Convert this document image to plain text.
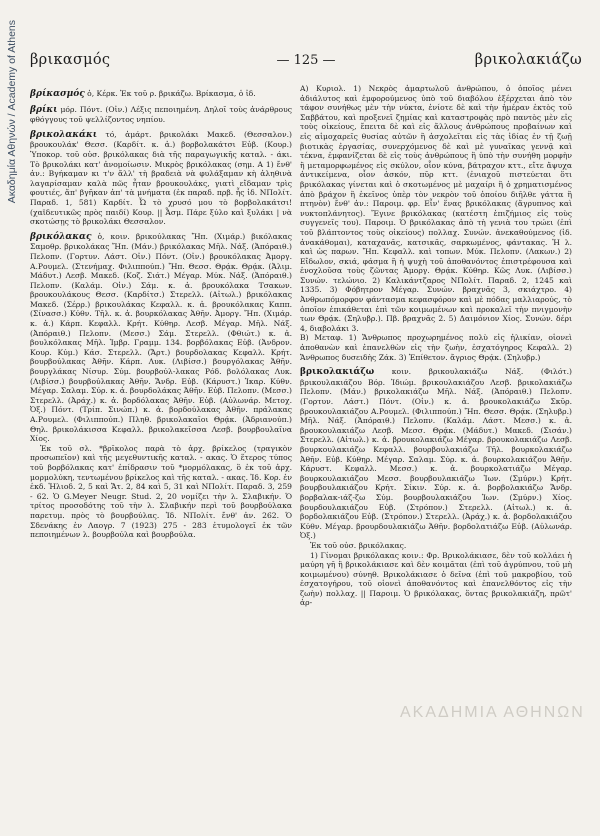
Ακαδημία Αθηνών / Academy of Athens βρικασμός	— 125 —	βρικολακιάζω

βρίκασμός ὁ, Κέρκ. Ἐκ τοῦ ρ. βρικάζω. Βρίκασμα, ὁ ἰδ.

βρίκι μόρ. Πόντ. (Oἰν.) Λέξις πεποιημένη. Δηλοῖ τοὺς ἀνάρθρους φθόγγους τοῦ ψελλίζοντος νηπίου.

βρικολακάκι τό, ἀμάρτ. βρικολάκι Μακεδ. (Θεσσαλον.) βρουκουλάκ' Θεσσ. (Καρδίτ. κ. ἀ.) βορβολακάτσι Εὐβ. (Κουρ.) Ὑποκορ. τοῦ οὐσ. βρικόλακας διὰ τῆς παραγωγικῆς καταλ. - άκι. Τὸ βρικολάκι κατ' ἀνομοίωσιν. Μικρὸς βρικόλακας (σημ. A 1) ἔνθ' ἀν.: Βγήκαμαν κι τ'ν ἄλλ' τὴ βραδειὰ νὰ φυλάξαμαν κὴ ἀληθινὰ λαγαρίσαμαν καλὰ πῶς ἦταν βρουκουλάκς, γιατὶ εἴδαμαν τρὶς φουτιές, ἄπ' βγῆκαν ἀπ' τὰ μνήματα (ἐκ παραδ. πρβ. ἧς ἰδ. ΝΠολίτ. Παραδ. 1, 581) Καρδίτ. Ὦ τὸ χρυσό μου τὸ βορβολακάτσι! (χαϊδευτικῶς πρὸς παιδί) Κουρ. || Ἆσμ. Πάρε ξύλο καὶ ξυλάκι | νὰ σκοτώσῃς τὸ βρικολάκι Θεσσαλον.

βρικόλακας ὁ, κοιν. βρικούλακας Ἤπ. (Χιμάρ.) βικόλακας Σαμοθρ. βρικολάκας Ἤπ. (Μάν.) βρικόλακας Μῆλ. Νάξ. (Ἀπόραιθ.) Πελοπν. (Γορτυν. Λάστ. Οἰν.) Πόντ. (Oἰν.) βρουκόλακας Ἀμοργ. Α.Ρουμελ. (Στενήμαχ. Φιλιππούπ.) Ἤπ. Θεσσ. Θρᾴκ. Θρᾴκ. (Ἀλιμ. Μάδυτ.) Λεσβ. Μακεδ. (Κοζ. Σιάτ.) Μέγαρ. Μύκ. Νάξ. (Ἀπόραιθ.) Πελοπν. (Καλάμ. Οἰν.) Σάμ. κ. ἀ. βρουκόλακα Τσακων. βρουκουλάκους Θεσσ. (Καρδίτσ.) Στερελλ. (Αἰτωλ.) βρικόλακας Μακεδ. (Σέρρ.) βρικουλάκας Κεφαλλ. κ. ἀ. βρουκόλακας Καππ. (Σίνασσ.) Κύθν. Τῆλ. κ. ἀ. βουρκόλακας Ἀθῆν. Ἀμοργ. Ἤπ. (Χιμάρ. κ. ἀ.) Κάρπ. Κεφαλλ. Κρήτ. Κύθηρ. Λεσβ. Μέγαρ. Μῆλ. Νάξ. (Ἀπόραιθ.) Πελοπν. (Μεσσ.) Σάμ. Στερελλ. (Φθιώτ.) κ. ἀ. βουλκόλακας Μῆλ. Ἰμβρ. Γραμμ. 134. βορβόλακας Εὐβ. (Ἀνδρον. Κουρ. Κύμ.) Κάσ. Στερελλ. (Ἄρτ.) βουρδολακας Κεφαλλ. Κρήτ. βουρβούλακας Ἀθῆν. Κάρπ. Λυκ. (Λιβίσσ.) βουργόλακας Ἀθῆν. βουργλάκας Νίσυρ. Σύμ. βουρβούλ-λακας Ρόδ. βολόλακας Λυκ. (Λιβίσσ.) βουρβούλακας Ἀθῆν. Ἄνδρ. Εὐβ. (Κάρυστ.) Ἰκαρ. Κύθν. Μέγαρ. Σαλαμ. Σύρ. κ. ἀ. βουρδολάκας Ἀθῆν. Εὐβ. Πελοπν. (Μεσσ.) Στερελλ. (Ἀράχ.) κ. ἀ. βορδόλακας Ἀθῆν. Εὐβ. (Αὐλωνάρ. Μετοχ. Ὀξ.) Πόντ. (Τρίπ. Σινώπ.) κ. ἀ. βορδούλακας Ἀθῆν. πράλακας Α.Ρουμελ. (Φιλιππούπ.) Πληθ. βρικολακαῖοι Θρᾴκ. (Ἀδριανούπ.) Θηλ. βρικολάκισσα Κεφαλλ. βρικολακεῖσσα Λεσβ. βουρβουλαῖνα Χίος.

Ἐκ τοῦ σλ. *βρῖκολος παρὰ τὸ ἀρχ. βρίκελος (τραγικὸν προσωπεῖον) καὶ τῆς μεγεθυντικῆς καταλ. - ακας. Ὁ ἕτερος τύπος τοῦ βορβόλακας κατ' ἐπίδρασιν τοῦ *μορμόλακας, ὃ ἐκ τοῦ ἀρχ. μορμολύκη, τεντωμένου βρίκελος καὶ τῆς καταλ. - ακας. Ἰδ. Κορ. ἐν ἐκδ. Ἡλιοδ. 2, 5 καὶ Ἄτ. 2, 84 καὶ 5, 31 καὶ ΝΠολίτ. Παραδ. 3, 259 - 62. Ὁ G.Meyer Neugr. Stud. 2, 20 νομίζει τὴν λ. Σλαβικήν. Ὁ τρίτος προσοδότης τοῦ τὴν λ. Σλαβικήν περὶ τοῦ βουρβούλακα παρετυμ. πρὸς τὸ βουρβούλας. Ἰδ. ΝΠολίτ. ἔνθ' ἀν. 262. Ὁ Σδενάκης ἐν Λαογρ. 7 (1923) 275 - 283 ἐτυμολογεῖ ἐκ τῶν πεποιημένων λ. βουρβούλα καὶ βουρβούλα.

Α) Κυριολ. 1) Νεκρὸς ἀμαρτωλοῦ ἀνθρώπου, ὁ ὁποῖος μένει ἀδιάλυτος καὶ ἐμφορούμενος ὑπὸ τοῦ διαβόλου ἐξέρχεται ἀπὸ τὸν τάφον συνήθως μὲν τὴν νύκτα, ἐνίοτε δὲ καὶ τὴν ἡμέραν ἐκτὸς τοῦ Σαββάτου, καὶ προξενεῖ ζημίας καὶ καταστροφὰς πρὸ παντὸς μὲν εἰς τοὺς οἰκείους, ἔπειτα δὲ καὶ εἰς ἄλλους ἀνθρώπους προβαίνων καὶ εἰς αἱμοχαρεῖς θυσίας αὐτῶν ἢ ἀσχολεῖται εἰς τὰς ἰδίας ἐν τῇ ζωῇ βιοτικὰς ἐργασίας, συνερχόμενος δὲ καὶ μὲ γυναῖκας γεννᾷ καὶ τέκνα, ἐμφανίζεται δὲ εἰς τοὺς ἀνθρώπους ἢ ὑπὸ τὴν συνήθη μορφὴν ἢ μεταμορφωμένος εἰς σκύλον, οἷον κύνα, βάτραχον κττ., εἴτε ἄψυχα ἀντικείμενα, οἷον ἀσκόν, πῦρ κττ. (ἐνιαχοῦ πιστεύεται ὅτι βρικόλακας γίνεται καὶ ὁ σκοτωμένος μὲ μαχαίρι ἢ ὁ χρηματισμένος ἀπὸ βράχον ἢ ἐκεῖνος ὑπὲρ τὸν νεκρὸν τοῦ ὁποίου διῆλθε γάττα ἢ πτηνὸν) ἔνθ' ἀν.: Παροιμ. φρ. Εἶν' ἕνας βρικόλακας (ἄγρυπνος καὶ νυκτοπλάνητος). Ἔγινε βρικόλακας (κατέστη ἐπιζήμιος εἰς τοὺς συγγενεῖς του). Παροιμ. Ὁ βρικόλακας ἀπὸ τὴ γενιὰ του τρώει (ἐπὶ τοῦ βλάπτοντος τοὺς οἰκείους) πολλαχ. Συνών. ἀνεκαθούμενος (ἰδ. ἀνακάθομαι), καταχανᾶς, κατσικᾶς, σαρκωμένος, φάντακας. Ἡ λ. καὶ ὡς παρων. Ἤπ. Κεφαλλ. καὶ τοπων. Μύκ. Πελοπν. (Λακων.) 2) Εἴδωλον, σκιά, φάσμα ἢ ἡ ψυχὴ τοῦ ἀποθανόντος ἐπιστρέφουσα καὶ ἐνοχλοῦσα τοὺς ζῶντας Ἀμοργ. Θρᾴκ. Κύθηρ. Κῶς Λυκ. (Λιβίσσ.) Συνών. τελώνιο. 2) Καλικάντζαρος ΝΠολίτ. Παραδ. 2, 1245 καὶ 1335. 3) Φόβητρον Μέγαρ. Συνών. βραχνᾶς 3, σκιάχτρο. 4) Ἀνθρωπόμορφον φάντασμα κεφασφόρον καὶ μὲ πόδας μαλλιαρούς, τὸ ὁποῖον ἐπικάθεται ἐπὶ τῶν κοιμωμένων καὶ προκαλεῖ τὴν πνιγμονὴν των Θρᾴκ. (Σηλυβρ.). Πβ. βραχνᾶς 2. 5) Δαιμόνιον Χίος. Συνών. δέρι 4, διαβολάκι 3.

Β) Μεταφ. 1) Ἄνθρωπος προχωρημένος πολὺ εἰς ἡλικίαν, οἱονεὶ ἀποθανὼν καὶ ἐπανελθὼν εἰς τὴν ζωὴν, ἐσχατόγηρος Κεφαλλ. 2) Ἄνθρωπος δυσειδὴς Ζάκ. 3) Ἐπίθετον. ἄγριος Θρᾴκ. (Σηλυβρ.)

βρικολακιάζω κοιν. βρικουλακιάζω Νάξ. (Φιλότ.) βρικουλακιάζου Βόρ. Ἰδιώμ. βρικουλακιάζου Λεσβ. βρικολακιάζω Πελοπν. (Μάν.) βρικολακιάζω Μῆλ. Νάξ. (Ἀπόραιθ.) Πελοπν. (Γορτυν. Λάστ.) Πόντ. (Oἰν.) κ. ἀ. βρουκολακιάζω Σκῦρ. βρουκουλακιάζου Α.Ρουμελ. (Φιλιππούπ.) Ἤπ. Θεσσ. Θρᾴκ. (Σηλυβρ.) Μῆλ. Νάξ. (Ἀπόραιθ.) Πελοπν. (Καλάμ. Λάστ. Μεσσ.) κ. ἀ. βρουκουλακιάζω Λεσβ. Μεσσ. Θρᾴκ. (Μάδυτ.) Μακεδ. (Σισάν.) Στερελλ. (Αἰτωλ.) κ. ἀ. βρουκολακιάζω Μέγαρ. βρουκολακιάζω Λεσβ. βουρκουλακιάζω Κεφαλλ. βουρβουλακιάζω Τῆλ. βουρκολακιάζω Ἀθῆν. Εὐβ. Κύθηρ. Μέγαρ. Σαλαμ. Σύρ. κ. ἀ. βουρκολακιάζου Ἀθῆν. Κάρυστ. Κεφαλλ. Μεσσ.) κ. ἀ. βουρκολατιάζω Μέγαρ. βουρκουλακιάζου Μεσσ. βουρβουλακιάζω Ἰων. (Σμύρν.) Κρήτ. βουρβουλακιάζου Κρήτ. Σίκιν. Σύρ. κ. ἀ. βορβολακιάζω Ἄνδρ. βορβαλακ-ιάζ-ζω Σύμ. βουρβουλακιάζου Ἰων. (Σμύρν.) Χίος. βουρδουλακιάζου Εὐβ. (Στρόπον.) Στερελλ. (Αἰτωλ.) κ. ἀ. βορδολακιάζου Εὐβ. (Στρόπον.) Στερελλ. (Ἀράχ.) κ. ἀ. βορδολακιάζου Κύθν. Μέγαρ. βρουρδουλακιάζω Ἀθῆν. βορδολατιάζω Εὐβ. (Αὐλωνάρ. Ὀξ.)

Ἐκ τοῦ οὐσ. βρικόλακας.

1) Γίνομαι βρικόλακας κοιν.: Φρ. Βρικολάκιασε, δὲν τοῦ κολλάει ἡ μαύρη γῆ ἢ βρικολάκιασε καὶ δὲν κοιμᾶται (ἐπὶ τοῦ ἀγρύπνου, τοῦ μὴ κοιμωμένου) σύνηθ. Βρικολάκιασε ὁ δεῖνα (ἐπὶ τοῦ μακροβίου, τοῦ ἐσχατογήρου, τοῦ οἱονεὶ ἀποθανόντος καὶ ἐπανελθόντος εἰς τὴν ζωὴν) πολλαχ. || Παροιμ. Ὁ βρικόλακας, ὅντας βρικολακιάζη, πρῶτ' ἀρ-

ΑΚΑΔΗΜΙΑ ΑΘΗΝΩΝ
